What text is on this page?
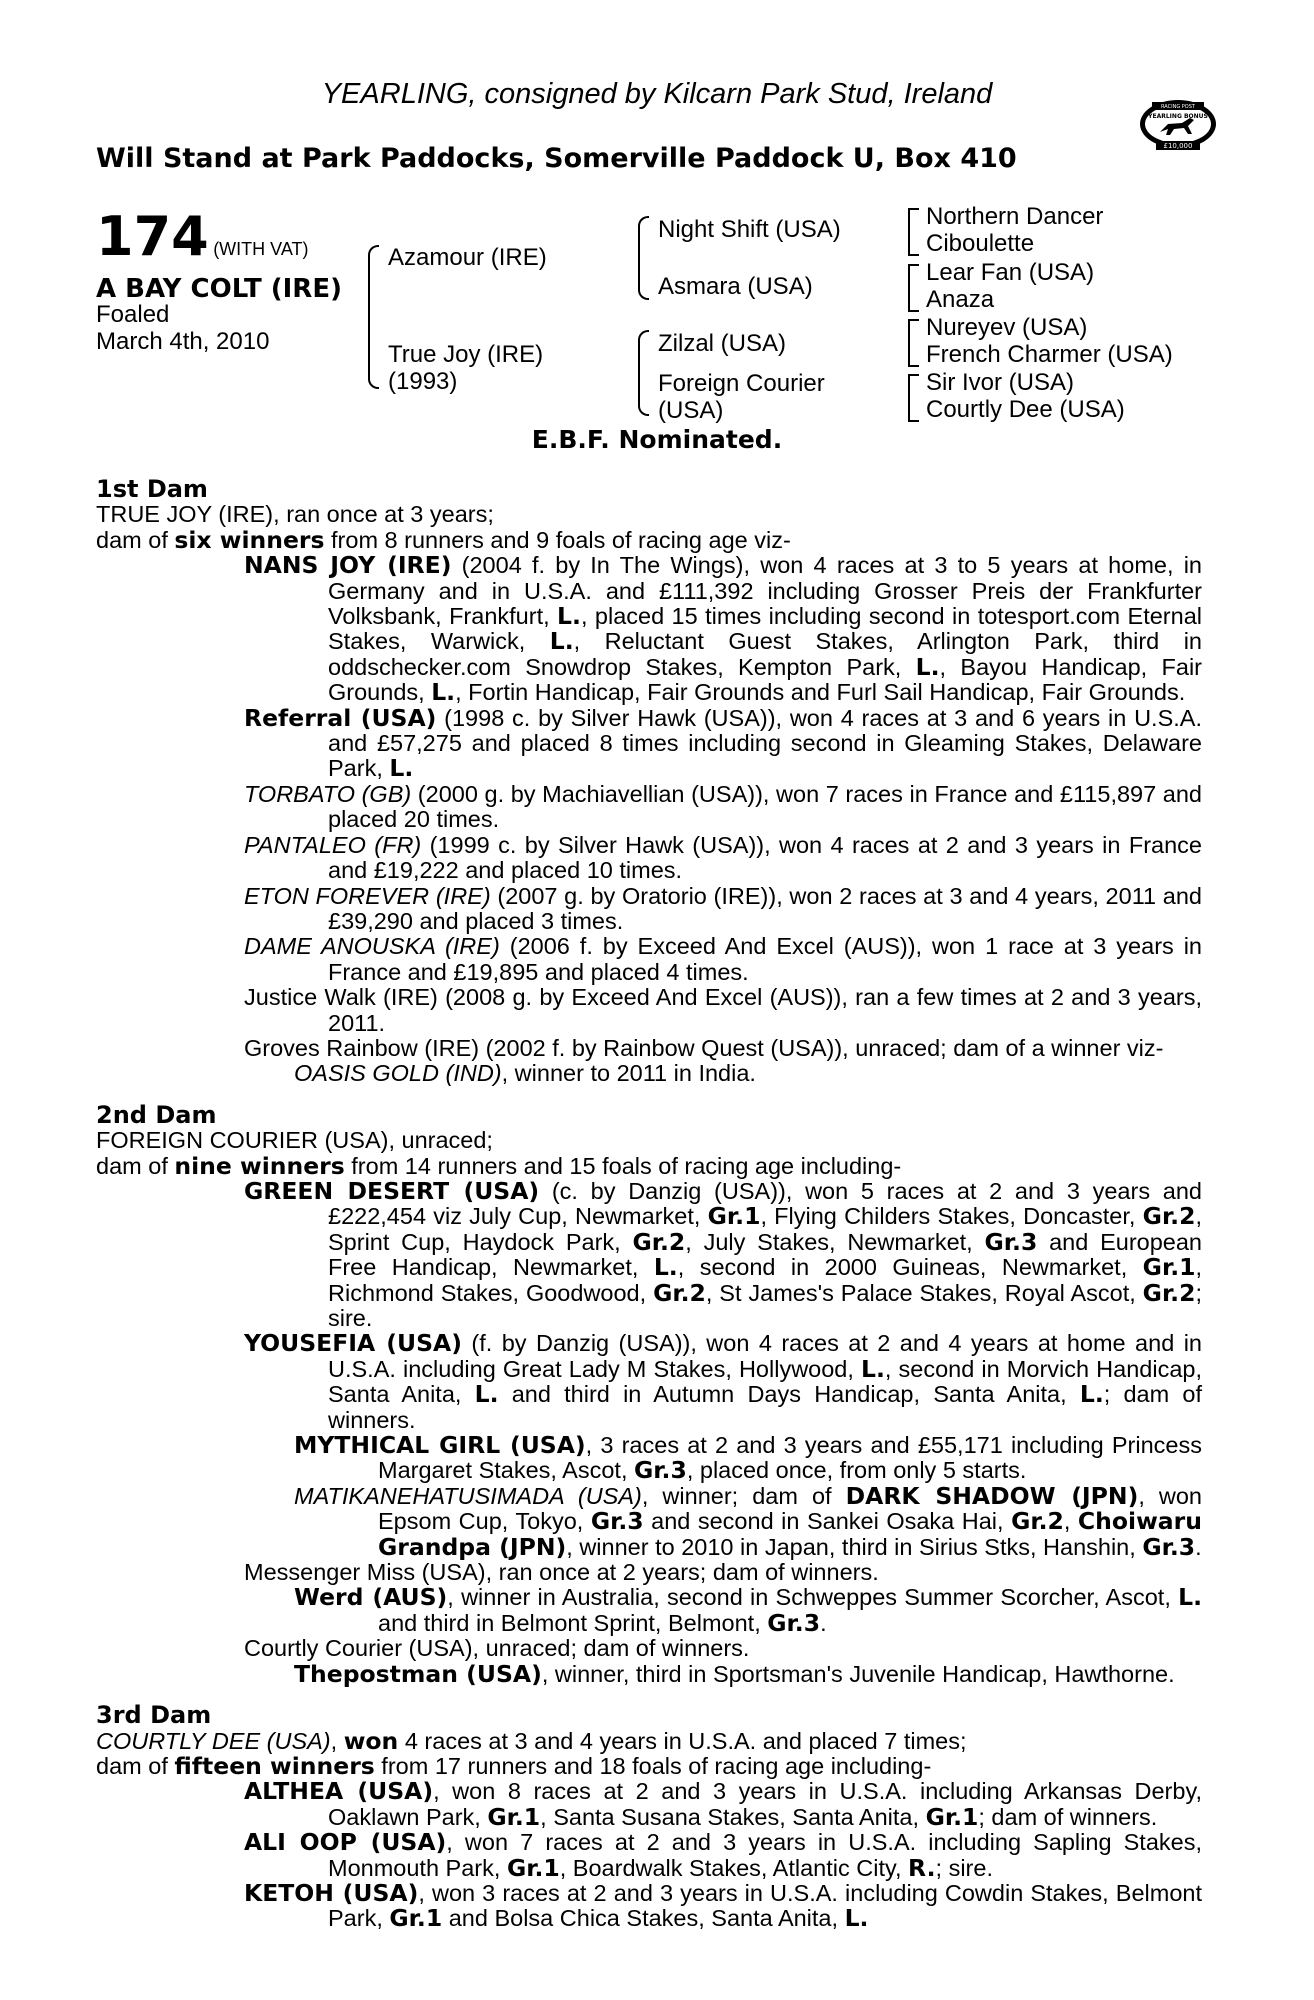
YEARLING, consigned by Kilcarn Park Stud, Ireland
Will Stand at Park Paddocks, Somerville Paddock U, Box 410
RACING POST
YEARLING BONUS
£10,000
174 (WITH VAT)
A BAY COLT (IRE)
Foaled
March 4th, 2010
Azamour (IRE)
True Joy (IRE)
(1993)
Night Shift (USA)
Asmara (USA)
Zilzal (USA)
Foreign Courier
(USA)
Northern Dancer
Ciboulette
Lear Fan (USA)
Anaza
Nureyev (USA)
French Charmer (USA)
Sir Ivor (USA)
Courtly Dee (USA)
E.B.F. Nominated.

1st Dam

TRUE JOY (IRE), ran once at 3 years;

dam of six winners from 8 runners and 9 foals of racing age viz-

NANS JOY (IRE) (2004 f. by In The Wings), won 4 races at 3 to 5 years at home, in Germany and in U.S.A. and £111,392 including Grosser Preis der Frankfurter Volksbank, Frankfurt, L., placed 15 times including second in totesport.com Eternal Stakes, Warwick, L., Reluctant Guest Stakes, Arlington Park, third in oddschecker.com Snowdrop Stakes, Kempton Park, L., Bayou Handicap, Fair Grounds, L., Fortin Handicap, Fair Grounds and Furl Sail Handicap, Fair Grounds.

Referral (USA) (1998 c. by Silver Hawk (USA)), won 4 races at 3 and 6 years in U.S.A. and £57,275 and placed 8 times including second in Gleaming Stakes, Delaware Park, L.

TORBATO (GB) (2000 g. by Machiavellian (USA)), won 7 races in France and £115,897 and placed 20 times.

PANTALEO (FR) (1999 c. by Silver Hawk (USA)), won 4 races at 2 and 3 years in France and £19,222 and placed 10 times.

ETON FOREVER (IRE) (2007 g. by Oratorio (IRE)), won 2 races at 3 and 4 years, 2011 and £39,290 and placed 3 times.

DAME ANOUSKA (IRE) (2006 f. by Exceed And Excel (AUS)), won 1 race at 3 years in France and £19,895 and placed 4 times.

Justice Walk (IRE) (2008 g. by Exceed And Excel (AUS)), ran a few times at 2 and 3 years, 2011.

Groves Rainbow (IRE) (2002 f. by Rainbow Quest (USA)), unraced; dam of a winner viz-

OASIS GOLD (IND), winner to 2011 in India.

2nd Dam

FOREIGN COURIER (USA), unraced;

dam of nine winners from 14 runners and 15 foals of racing age including-

GREEN DESERT (USA) (c. by Danzig (USA)), won 5 races at 2 and 3 years and £222,454 viz July Cup, Newmarket, Gr.1, Flying Childers Stakes, Doncaster, Gr.2, Sprint Cup, Haydock Park, Gr.2, July Stakes, Newmarket, Gr.3 and European Free Handicap, Newmarket, L., second in 2000 Guineas, Newmarket, Gr.1, Richmond Stakes, Goodwood, Gr.2, St James's Palace Stakes, Royal Ascot, Gr.2; sire.

YOUSEFIA (USA) (f. by Danzig (USA)), won 4 races at 2 and 4 years at home and in U.S.A. including Great Lady M Stakes, Hollywood, L., second in Morvich Handicap, Santa Anita, L. and third in Autumn Days Handicap, Santa Anita, L.; dam of winners.

MYTHICAL GIRL (USA), 3 races at 2 and 3 years and £55,171 including Princess Margaret Stakes, Ascot, Gr.3, placed once, from only 5 starts.

MATIKANEHATUSIMADA (USA), winner; dam of DARK SHADOW (JPN), won Epsom Cup, Tokyo, Gr.3 and second in Sankei Osaka Hai, Gr.2, Choiwaru Grandpa (JPN), winner to 2010 in Japan, third in Sirius Stks, Hanshin, Gr.3.

Messenger Miss (USA), ran once at 2 years; dam of winners.

Werd (AUS), winner in Australia, second in Schweppes Summer Scorcher, Ascot, L. and third in Belmont Sprint, Belmont, Gr.3.

Courtly Courier (USA), unraced; dam of winners.

Thepostman (USA), winner, third in Sportsman's Juvenile Handicap, Hawthorne.

3rd Dam

COURTLY DEE (USA), won 4 races at 3 and 4 years in U.S.A. and placed 7 times;

dam of fifteen winners from 17 runners and 18 foals of racing age including-

ALTHEA (USA), won 8 races at 2 and 3 years in U.S.A. including Arkansas Derby, Oaklawn Park, Gr.1, Santa Susana Stakes, Santa Anita, Gr.1; dam of winners.

ALI OOP (USA), won 7 races at 2 and 3 years in U.S.A. including Sapling Stakes, Monmouth Park, Gr.1, Boardwalk Stakes, Atlantic City, R.; sire.

KETOH (USA), won 3 races at 2 and 3 years in U.S.A. including Cowdin Stakes, Belmont Park, Gr.1 and Bolsa Chica Stakes, Santa Anita, L.
